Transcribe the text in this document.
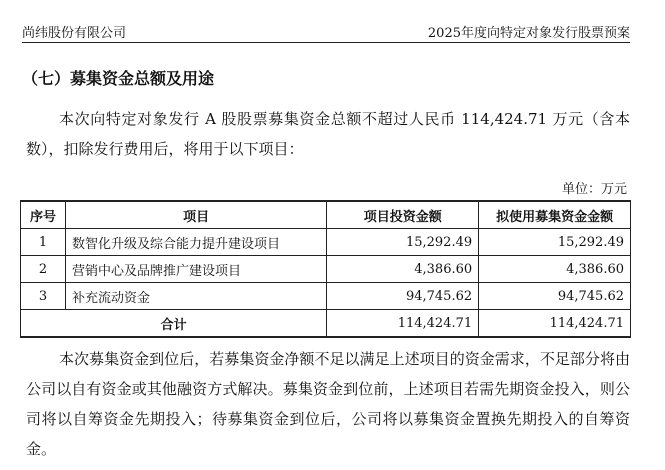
尚纬股份有限公司	2025年度向特定对象发行股票预案
（七）募集资金总额及用途
本次向特定对象发行 A 股股票募集资金总额不超过人民币 114,424.71 万元（含本数），扣除发行费用后，将用于以下项目：
单位：万元
序号	项目	项目投资金额	拟使用募集资金金额
1	数智化升级及综合能力提升建设项目	15,292.49	15,292.49
2	营销中心及品牌推广建设项目	4,386.60	4,386.60
3	补充流动资金	94,745.62	94,745.62
合计		114,424.71	114,424.71
本次募集资金到位后，若募集资金净额不足以满足上述项目的资金需求，不足部分将由公司以自有资金或其他融资方式解决。募集资金到位前，上述项目若需先期资金投入，则公司将以自筹资金先期投入；待募集资金到位后，公司将以募集资金置换先期投入的自筹资金。
